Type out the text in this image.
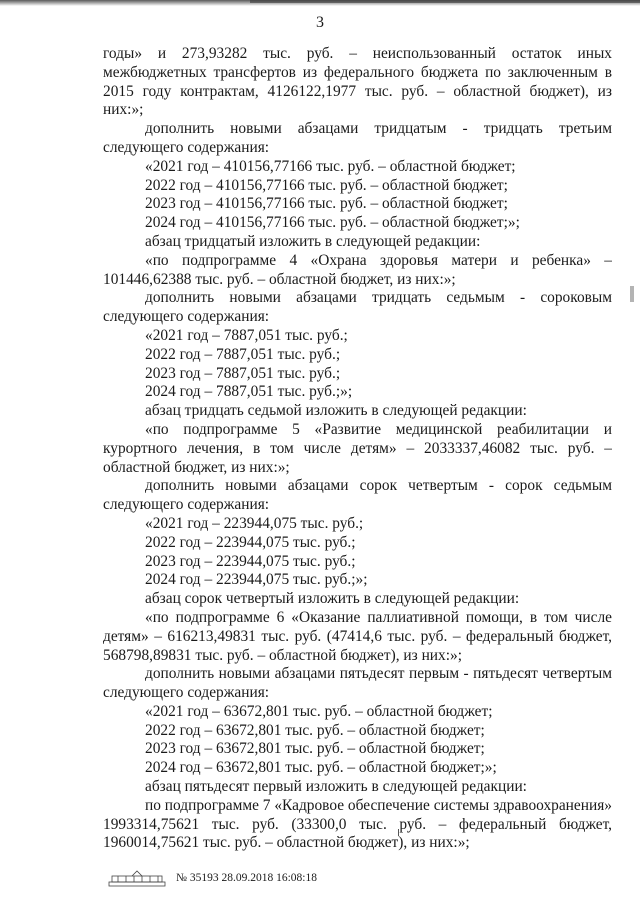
3
годы» и 273,93282 тыс. руб. – неиспользованный остаток иных
межбюджетных трансфертов из федерального бюджета по заключенным в
2015 году контрактам, 4126122,1977 тыс. руб. – областной бюджет), из
них:»;
дополнить новыми абзацами тридцатым - тридцать третьим
следующего содержания:
«2021 год – 410156,77166 тыс. руб. – областной бюджет;
2022 год – 410156,77166 тыс. руб. – областной бюджет;
2023 год – 410156,77166 тыс. руб. – областной бюджет;
2024 год – 410156,77166 тыс. руб. – областной бюджет;»;
абзац тридцатый изложить в следующей редакции:
«по подпрограмме 4 «Охрана здоровья матери и ребенка» –
101446,62388 тыс. руб. – областной бюджет, из них:»;
дополнить новыми абзацами тридцать седьмым - сороковым
следующего содержания:
«2021 год – 7887,051 тыс. руб.;
2022 год – 7887,051 тыс. руб.;
2023 год – 7887,051 тыс. руб.;
2024 год – 7887,051 тыс. руб.;»;
абзац тридцать седьмой изложить в следующей редакции:
«по подпрограмме 5 «Развитие медицинской реабилитации и
курортного лечения, в том числе детям» – 2033337,46082 тыс. руб. –
областной бюджет, из них:»;
дополнить новыми абзацами сорок четвертым - сорок седьмым
следующего содержания:
«2021 год – 223944,075 тыс. руб.;
2022 год – 223944,075 тыс. руб.;
2023 год – 223944,075 тыс. руб.;
2024 год – 223944,075 тыс. руб.;»;
абзац сорок четвертый изложить в следующей редакции:
«по подпрограмме 6 «Оказание паллиативной помощи, в том числе
детям» – 616213,49831 тыс. руб. (47414,6 тыс. руб. – федеральный бюджет,
568798,89831 тыс. руб. – областной бюджет), из них:»;
дополнить новыми абзацами пятьдесят первым - пятьдесят четвертым
следующего содержания:
«2021 год – 63672,801 тыс. руб. – областной бюджет;
2022 год – 63672,801 тыс. руб. – областной бюджет;
2023 год – 63672,801 тыс. руб. – областной бюджет;
2024 год – 63672,801 тыс. руб. – областной бюджет;»;
абзац пятьдесят первый изложить в следующей редакции:
по подпрограмме 7 «Кадровое обеспечение системы здравоохранения»
1993314,75621 тыс. руб. (33300,0 тыс. руб. – федеральный бюджет,
1960014,75621 тыс. руб. – областной бюджет), из них:»;
№ 35193 28.09.2018 16:08:18
